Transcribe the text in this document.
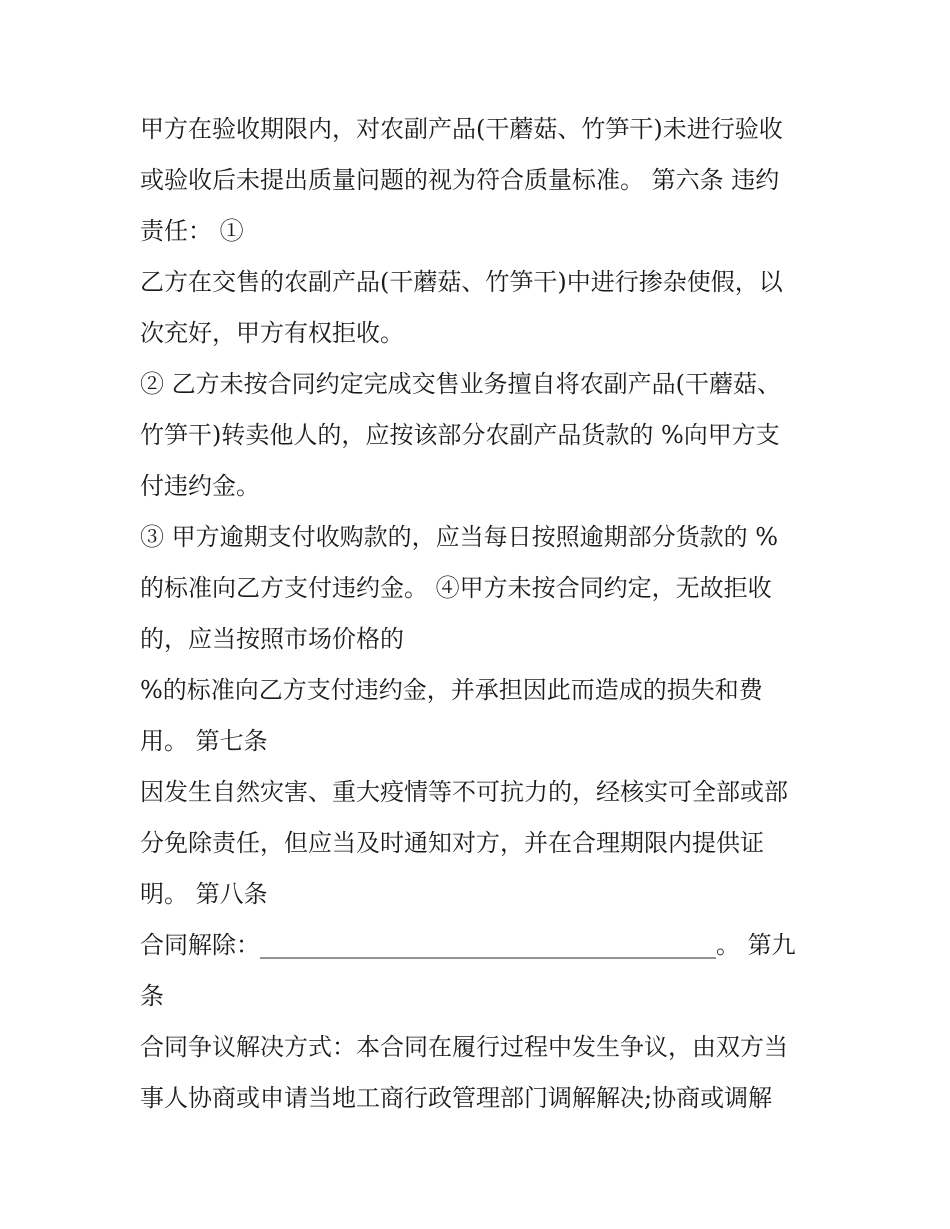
甲方在验收期限内，对农副产品(干蘑菇、竹笋干)未进行验收
或验收后未提出质量问题的视为符合质量标准。 第六条 违约
责任： ①
乙方在交售的农副产品(干蘑菇、竹笋干)中进行掺杂使假，以
次充好，甲方有权拒收。
② 乙方未按合同约定完成交售业务擅自将农副产品(干蘑菇、
竹笋干)转卖他人的，应按该部分农副产品货款的 %向甲方支
付违约金。
③ 甲方逾期支付收购款的，应当每日按照逾期部分货款的 %
的标准向乙方支付违约金。 ④甲方未按合同约定，无故拒收
的，应当按照市场价格的
%的标准向乙方支付违约金，并承担因此而造成的损失和费
用。 第七条
因发生自然灾害、重大疫情等不可抗力的，经核实可全部或部
分免除责任，但应当及时通知对方，并在合理期限内提供证
明。 第八条
合同解除：______________________________________。 第九
条
合同争议解决方式：本合同在履行过程中发生争议，由双方当
事人协商或申请当地工商行政管理部门调解解决;协商或调解
